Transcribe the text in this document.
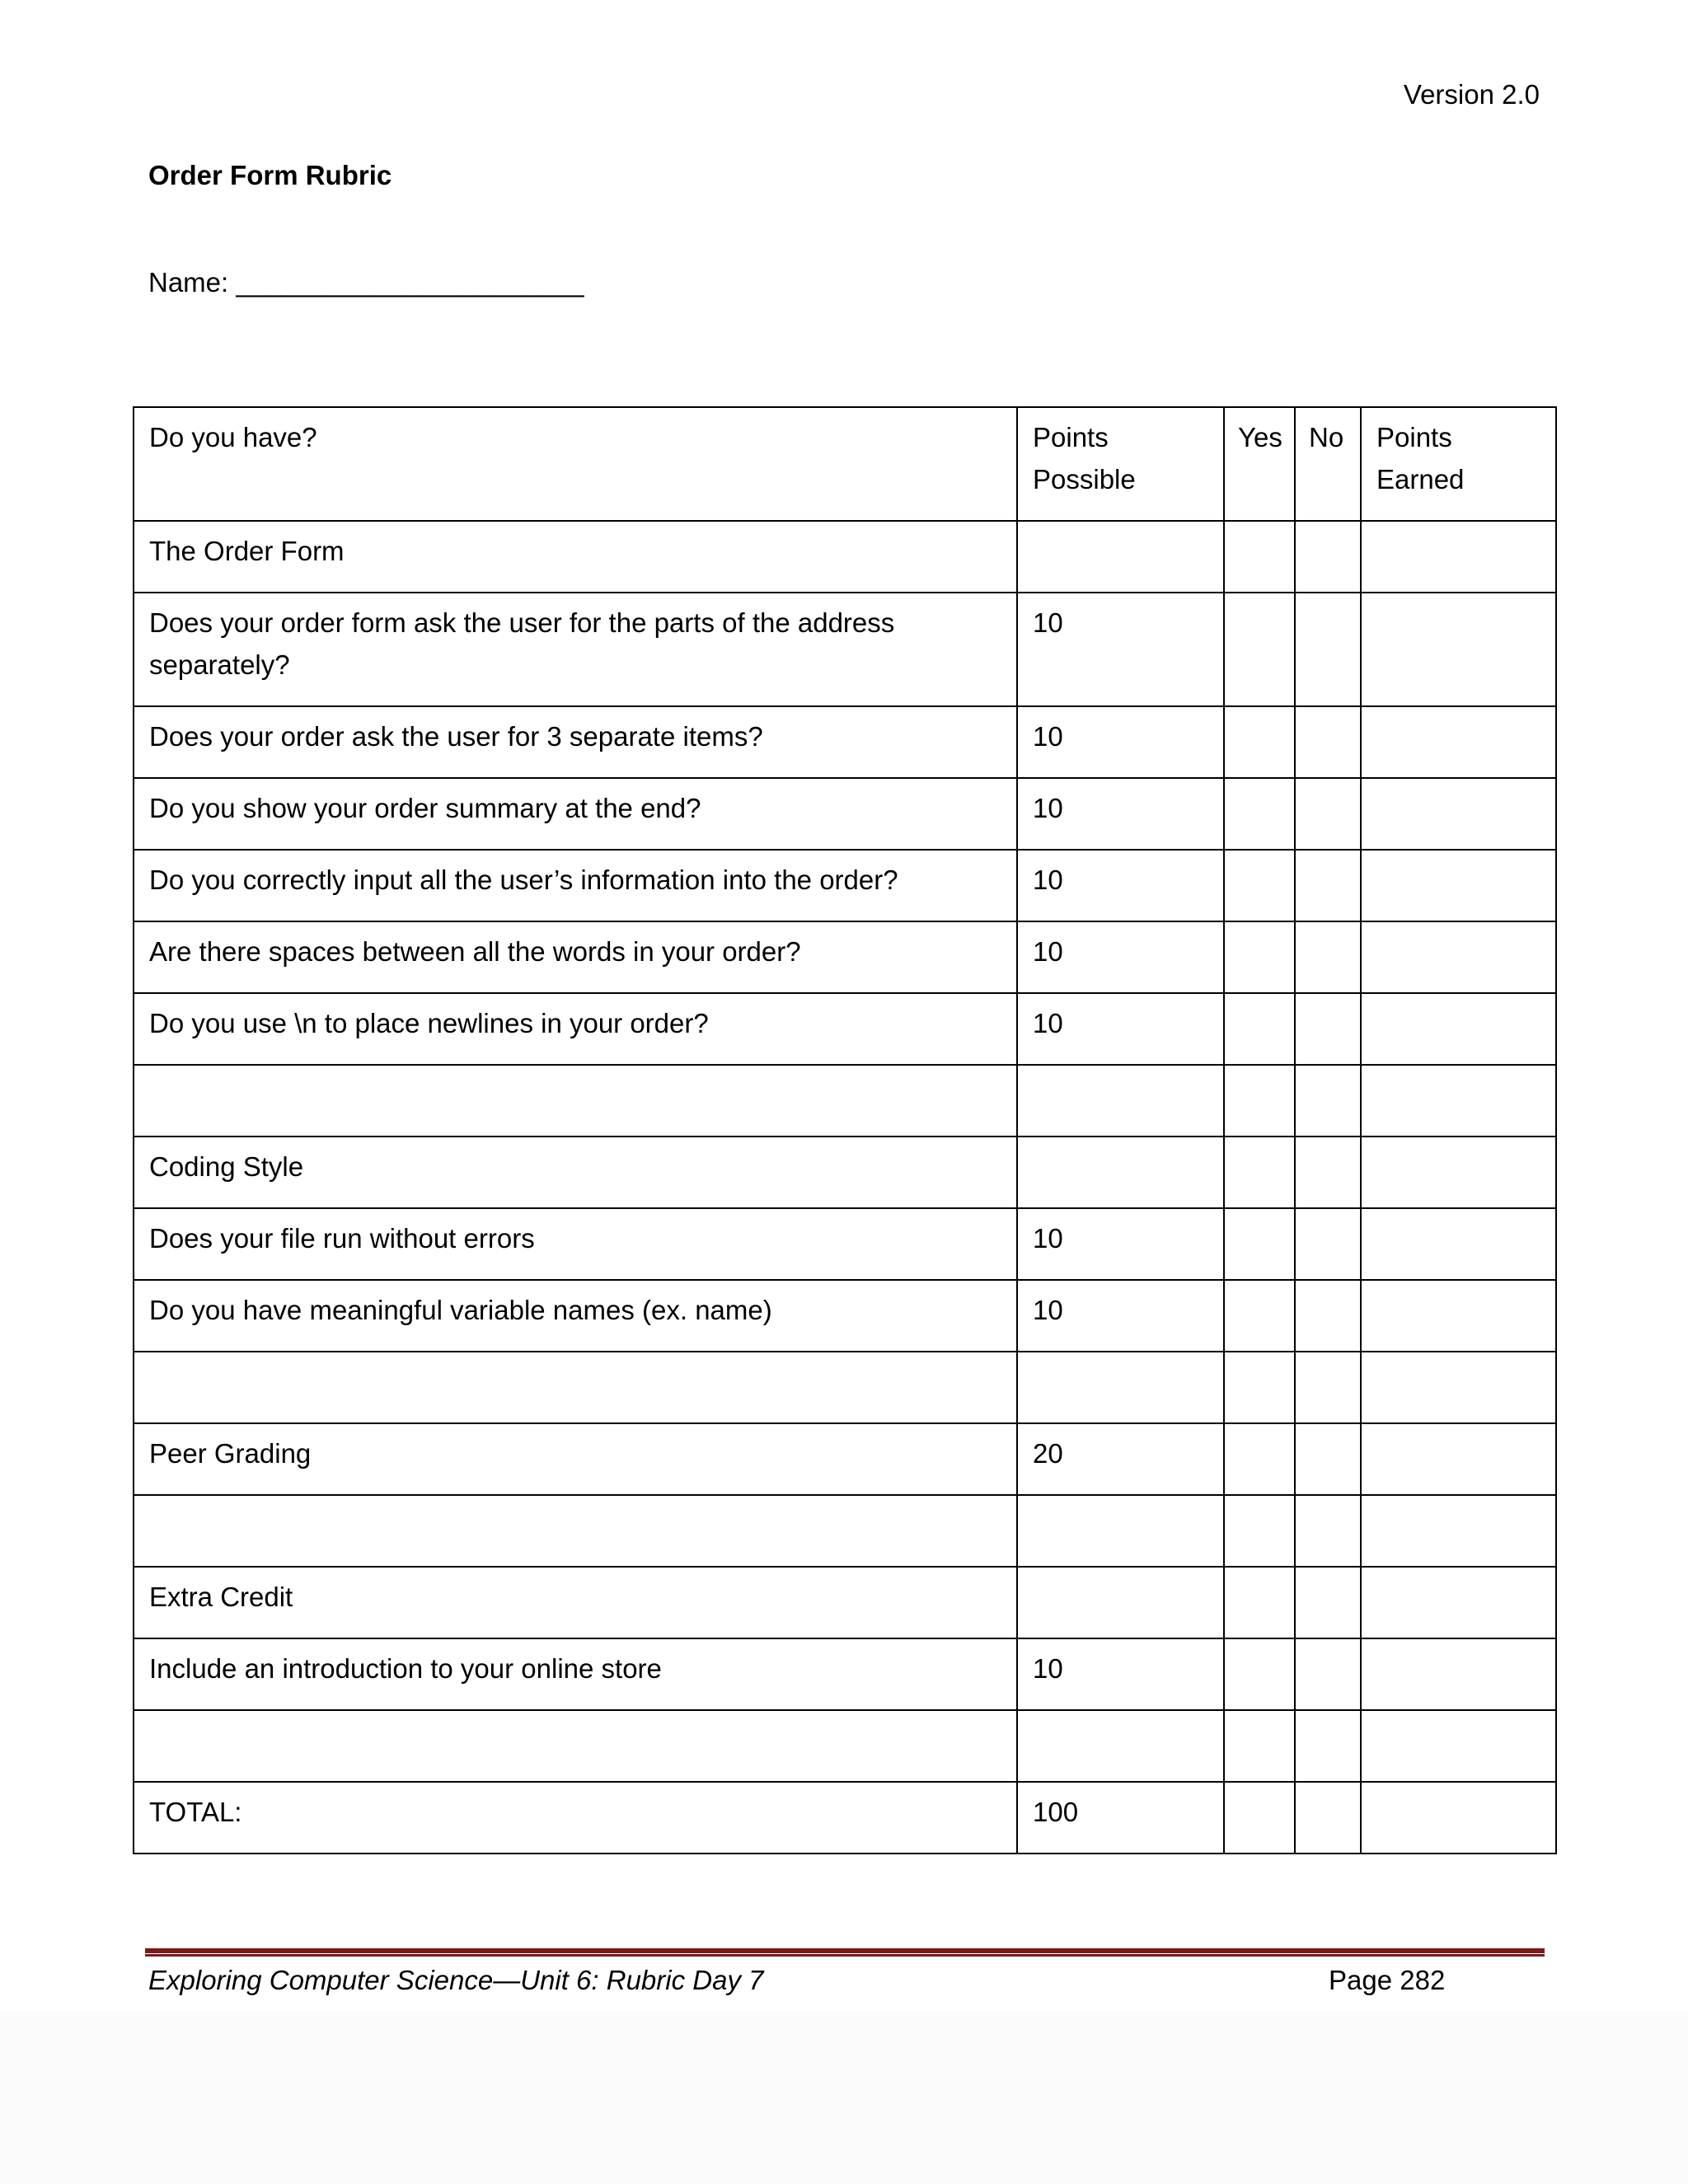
Version 2.0
Order Form Rubric
Name: _______________________
Do you have?	Points Possible	Yes	No	Points Earned
The Order Form				
Does your order form ask the user for the parts of the address separately?	10			
Does your order ask the user for 3 separate items?	10			
Do you show your order summary at the end?	10			
Do you correctly input all the user’s information into the order?	10			
Are there spaces between all the words in your order?	10			
Do you use \n to place newlines in your order?	10			

Coding Style				
Does your file run without errors	10			
Do you have meaningful variable names (ex. name)	10			

Peer Grading	20			

Extra Credit				
Include an introduction to your online store	10			

TOTAL:	100			
Exploring Computer Science—Unit 6: Rubric Day 7	Page 282
